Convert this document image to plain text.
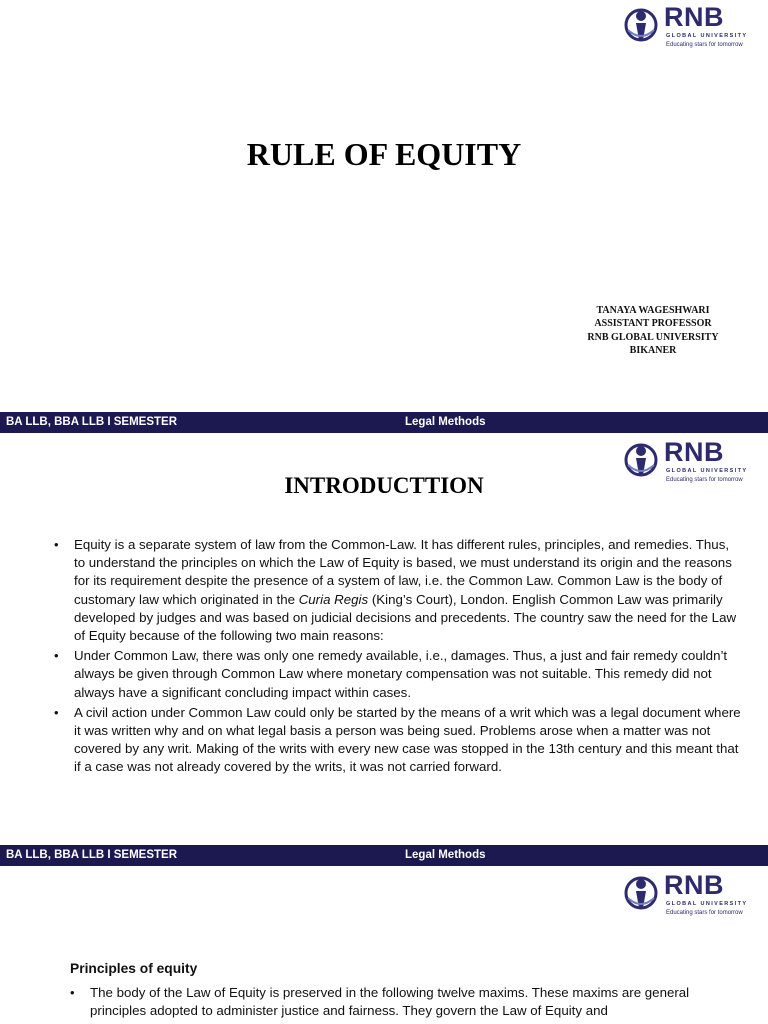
RNB
GLOBAL UNIVERSITY
Educating stars for tomorrow
RULE OF EQUITY
TANAYA WAGESHWARI
ASSISTANT PROFESSOR
RNB GLOBAL UNIVERSITY
BIKANER
BA LLB, BBA LLB I SEMESTER	Legal Methods
RNB
GLOBAL UNIVERSITY
Educating stars for tomorrow
INTRODUCTTION
• Equity is a separate system of law from the Common-Law. It has different rules, principles, and remedies. Thus, to understand the principles on which the Law of Equity is based, we must understand its origin and the reasons for its requirement despite the presence of a system of law, i.e. the Common Law. Common Law is the body of customary law which originated in the Curia Regis (King’s Court), London. English Common Law was primarily developed by judges and was based on judicial decisions and precedents. The country saw the need for the Law of Equity because of the following two main reasons:
• Under Common Law, there was only one remedy available, i.e., damages. Thus, a just and fair remedy couldn’t always be given through Common Law where monetary compensation was not suitable. This remedy did not always have a significant concluding impact within cases.
• A civil action under Common Law could only be started by the means of a writ which was a legal document where it was written why and on what legal basis a person was being sued. Problems arose when a matter was not covered by any writ. Making of the writs with every new case was stopped in the 13th century and this meant that if a case was not already covered by the writs, it was not carried forward.
BA LLB, BBA LLB I SEMESTER	Legal Methods
RNB
GLOBAL UNIVERSITY
Educating stars for tomorrow
Principles of equity
• The body of the Law of Equity is preserved in the following twelve maxims. These maxims are general principles adopted to administer justice and fairness. They govern the Law of Equity and
